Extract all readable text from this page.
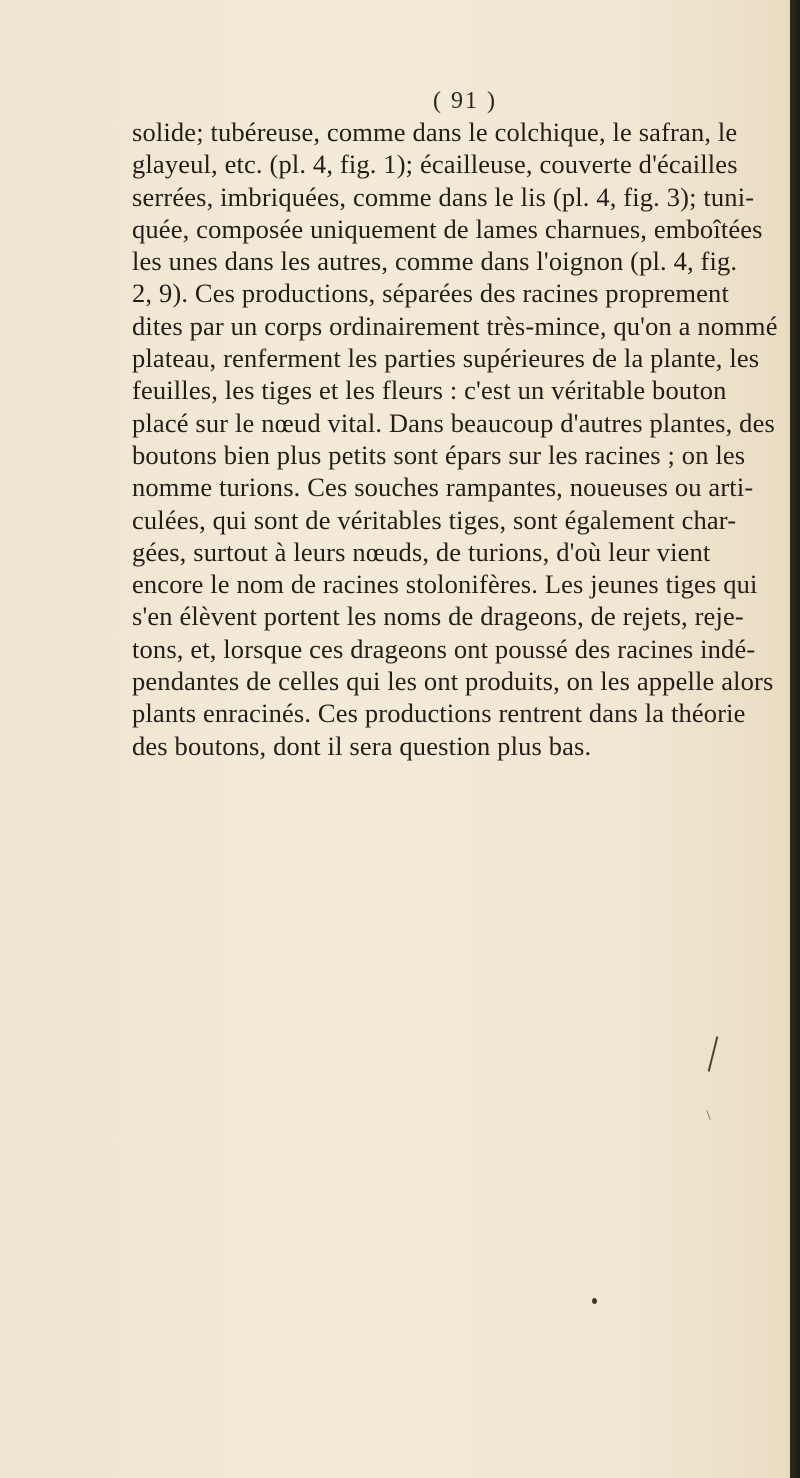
( 91 )
solide; tubéreuse, comme dans le colchique, le safran, le
glayeul, etc. (pl. 4, fig. 1); écailleuse, couverte d'écailles
serrées, imbriquées, comme dans le lis (pl. 4, fig. 3); tuni-
quée, composée uniquement de lames charnues, emboîtées
les unes dans les autres, comme dans l'oignon (pl. 4, fig.
2, 9). Ces productions, séparées des racines proprement
dites par un corps ordinairement très-mince, qu'on a nommé
plateau, renferment les parties supérieures de la plante, les
feuilles, les tiges et les fleurs : c'est un véritable bouton
placé sur le nœud vital. Dans beaucoup d'autres plantes, des
boutons bien plus petits sont épars sur les racines ; on les
nomme turions. Ces souches rampantes, noueuses ou arti-
culées, qui sont de véritables tiges, sont également char-
gées, surtout à leurs nœuds, de turions, d'où leur vient
encore le nom de racines stolonifères. Les jeunes tiges qui
s'en élèvent portent les noms de drageons, de rejets, reje-
tons, et, lorsque ces drageons ont poussé des racines indé-
pendantes de celles qui les ont produits, on les appelle alors
plants enracinés. Ces productions rentrent dans la théorie
des boutons, dont il sera question plus bas.
